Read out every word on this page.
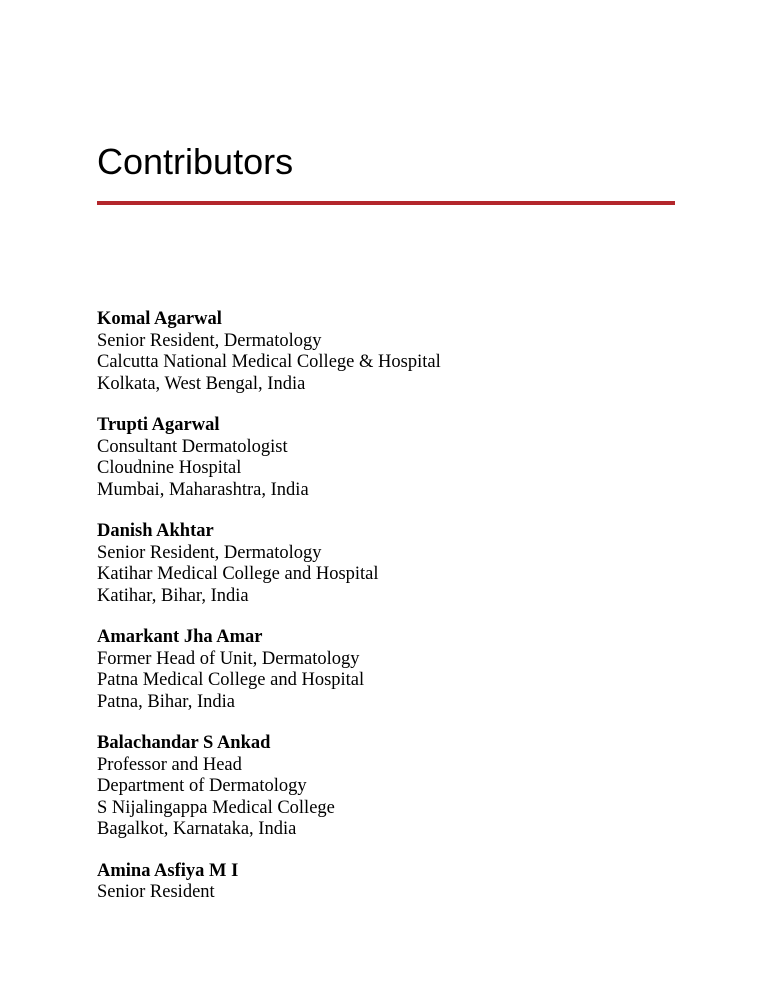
Contributors
Komal Agarwal
Senior Resident, Dermatology
Calcutta National Medical College & Hospital
Kolkata, West Bengal, India
Trupti Agarwal
Consultant Dermatologist
Cloudnine Hospital
Mumbai, Maharashtra, India
Danish Akhtar
Senior Resident, Dermatology
Katihar Medical College and Hospital
Katihar, Bihar, India
Amarkant Jha Amar
Former Head of Unit, Dermatology
Patna Medical College and Hospital
Patna, Bihar, India
Balachandar S Ankad
Professor and Head
Department of Dermatology
S Nijalingappa Medical College
Bagalkot, Karnataka, India
Amina Asfiya M I
Senior Resident
